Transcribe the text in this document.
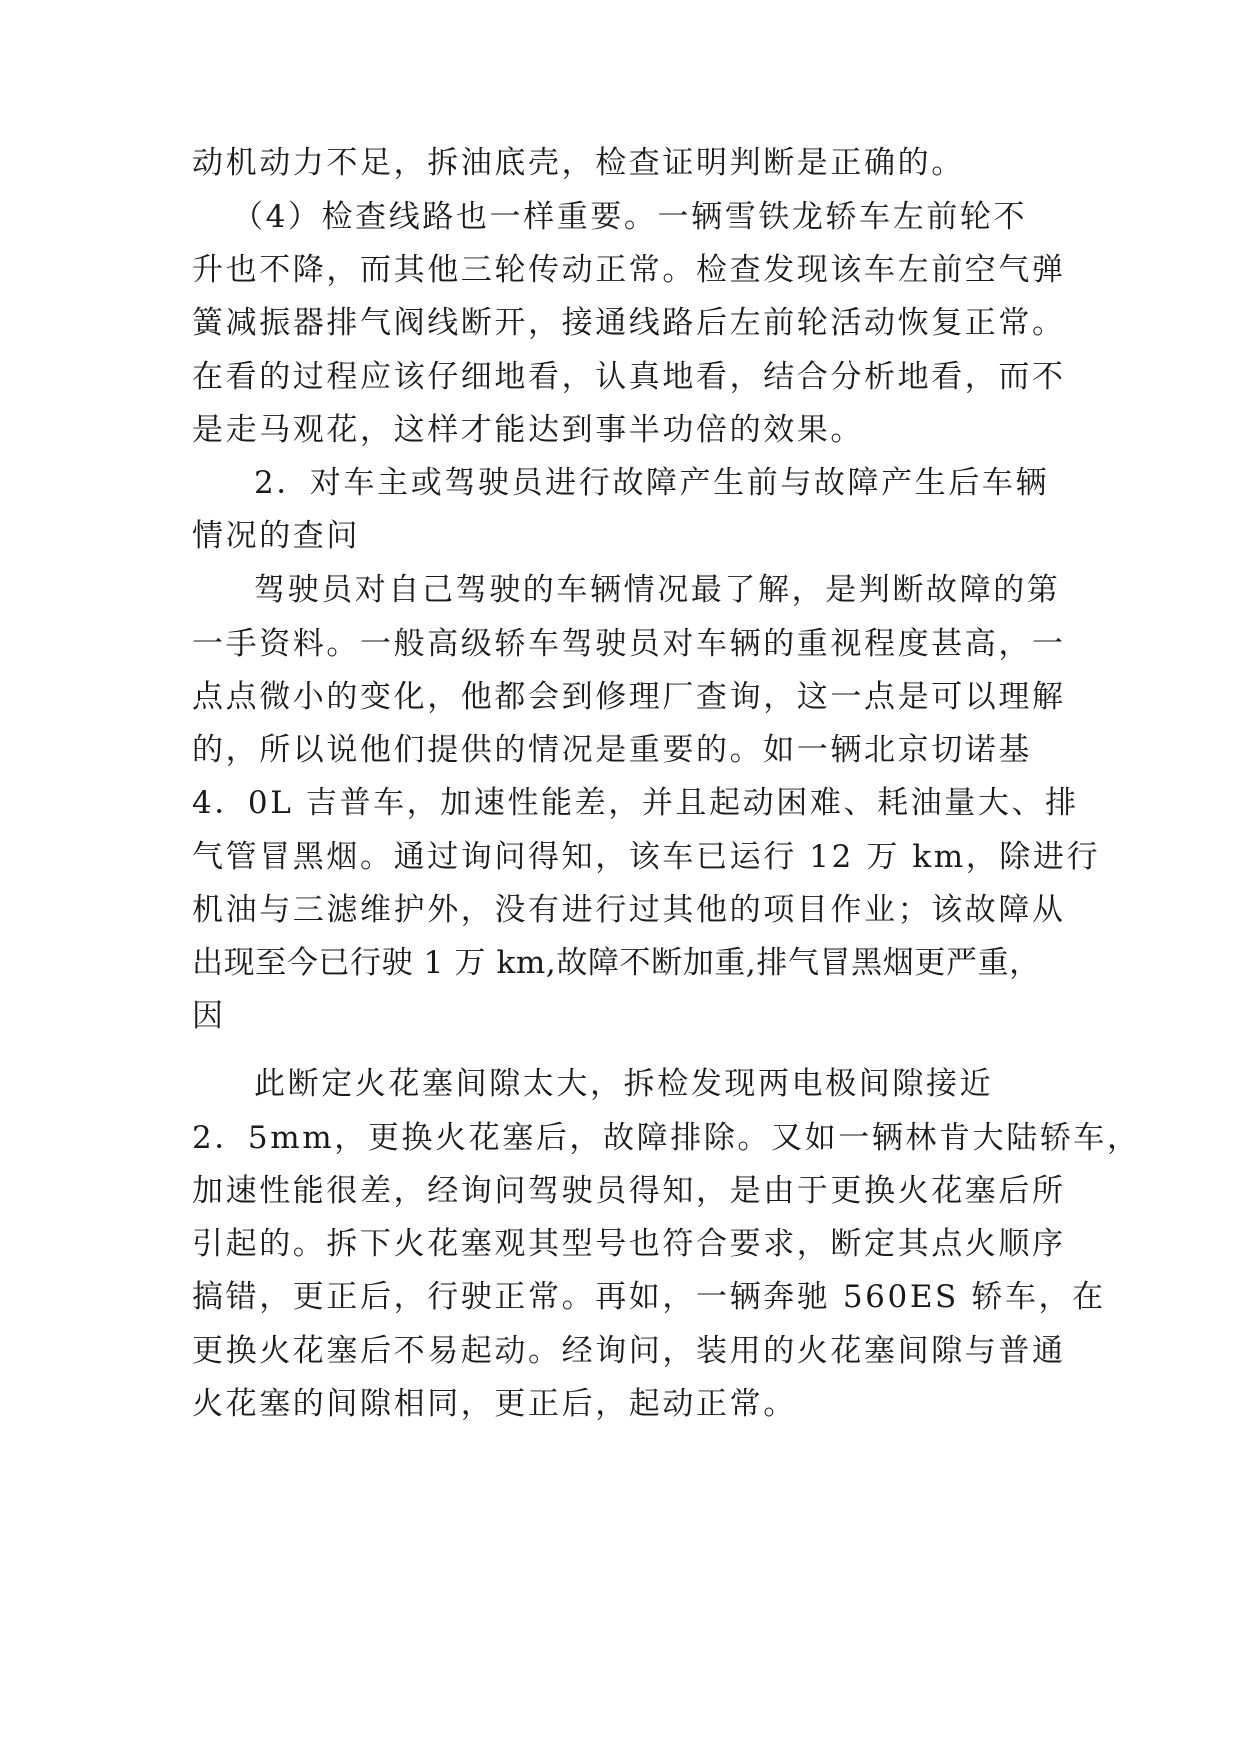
动机动力不足，拆油底壳，检查证明判断是正确的。
（4）检查线路也一样重要。一辆雪铁龙轿车左前轮不
升也不降，而其他三轮传动正常。检查发现该车左前空气弹
簧减振器排气阀线断开，接通线路后左前轮活动恢复正常。
在看的过程应该仔细地看，认真地看，结合分析地看，而不
是走马观花，这样才能达到事半功倍的效果。
2．对车主或驾驶员进行故障产生前与故障产生后车辆
情况的查问
驾驶员对自己驾驶的车辆情况最了解，是判断故障的第
一手资料。一般高级轿车驾驶员对车辆的重视程度甚高，一
点点微小的变化，他都会到修理厂查询，这一点是可以理解
的，所以说他们提供的情况是重要的。如一辆北京切诺基
4．0L 吉普车，加速性能差，并且起动困难、耗油量大、排
气管冒黑烟。通过询问得知，该车已运行 12 万 km，除进行
机油与三滤维护外，没有进行过其他的项目作业；该故障从
出现至今已行驶 1 万 km,故障不断加重,排气冒黑烟更严重，
因
此断定火花塞间隙太大，拆检发现两电极间隙接近
2．5mm，更换火花塞后，故障排除。又如一辆林肯大陆轿车，
加速性能很差，经询问驾驶员得知，是由于更换火花塞后所
引起的。拆下火花塞观其型号也符合要求，断定其点火顺序
搞错，更正后，行驶正常。再如，一辆奔驰 560ES 轿车，在
更换火花塞后不易起动。经询问，装用的火花塞间隙与普通
火花塞的间隙相同，更正后，起动正常。
